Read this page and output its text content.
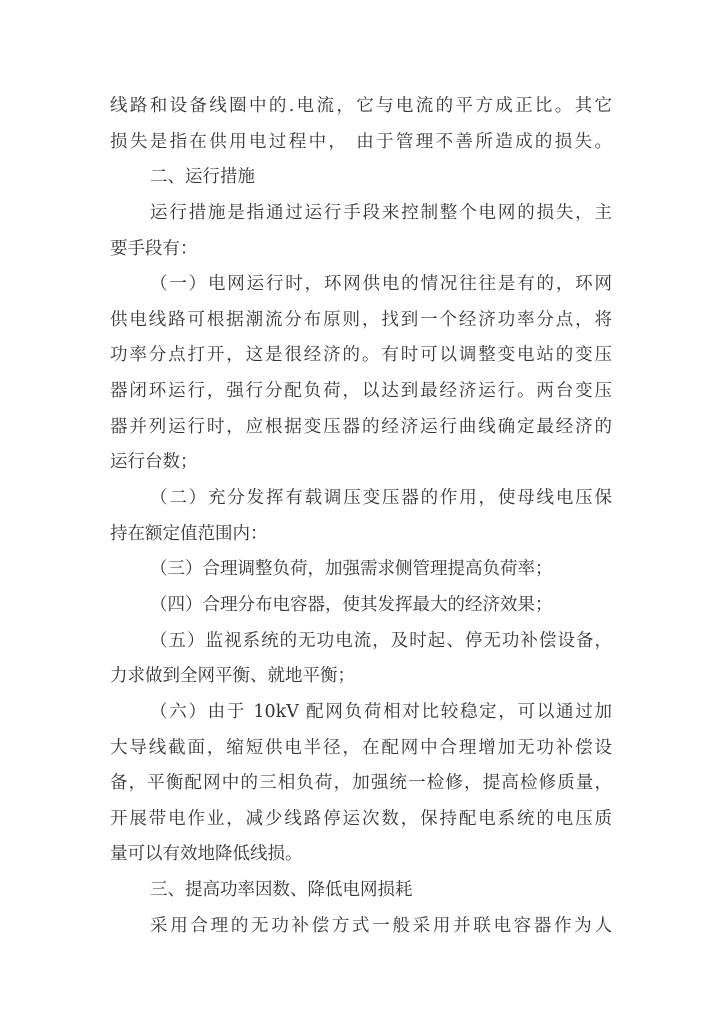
线路和设备线圈中的.电流，它与电流的平方成正比。其它
损失是指在供用电过程中， 由于管理不善所造成的损失。
二、运行措施
运行措施是指通过运行手段来控制整个电网的损失，主
要手段有：
（一）电网运行时，环网供电的情况往往是有的，环网
供电线路可根据潮流分布原则，找到一个经济功率分点，将
功率分点打开，这是很经济的。有时可以调整变电站的变压
器闭环运行，强行分配负荷，以达到最经济运行。两台变压
器并列运行时，应根据变压器的经济运行曲线确定最经济的
运行台数；
（二）充分发挥有载调压变压器的作用，使母线电压保
持在额定值范围内：
（三）合理调整负荷，加强需求侧管理提高负荷率；
（四）合理分布电容器，使其发挥最大的经济效果；
（五）监视系统的无功电流，及时起、停无功补偿设备，
力求做到全网平衡、就地平衡；
（六）由于 10kV 配网负荷相对比较稳定，可以通过加
大导线截面，缩短供电半径，在配网中合理增加无功补偿设
备，平衡配网中的三相负荷，加强统一检修，提高检修质量，
开展带电作业，减少线路停运次数，保持配电系统的电压质
量可以有效地降低线损。
三、提高功率因数、降低电网损耗
采用合理的无功补偿方式一般采用并联电容器作为人
